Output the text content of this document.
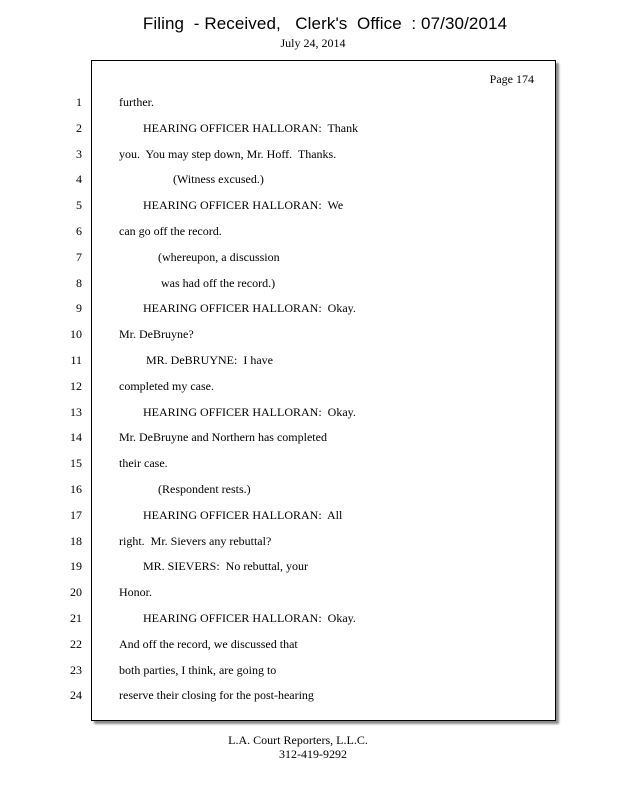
Filing  - Received,   Clerk's  Office  : 07/30/2014
July 24, 2014
Page 174
1	further.
2	HEARING OFFICER HALLORAN:  Thank
3	you.  You may step down, Mr. Hoff.  Thanks.
4	(Witness excused.)
5	HEARING OFFICER HALLORAN:  We
6	can go off the record.
7	(whereupon, a discussion
8	was had off the record.)
9	HEARING OFFICER HALLORAN:  Okay.
10	Mr. DeBruyne?
11	MR. DeBRUYNE:  I have
12	completed my case.
13	HEARING OFFICER HALLORAN:  Okay.
14	Mr. DeBruyne and Northern has completed
15	their case.
16	(Respondent rests.)
17	HEARING OFFICER HALLORAN:  All
18	right.  Mr. Sievers any rebuttal?
19	MR. SIEVERS:  No rebuttal, your
20	Honor.
21	HEARING OFFICER HALLORAN:  Okay.
22	And off the record, we discussed that
23	both parties, I think, are going to
24	reserve their closing for the post-hearing
L.A. Court Reporters, L.L.C.
312-419-9292
